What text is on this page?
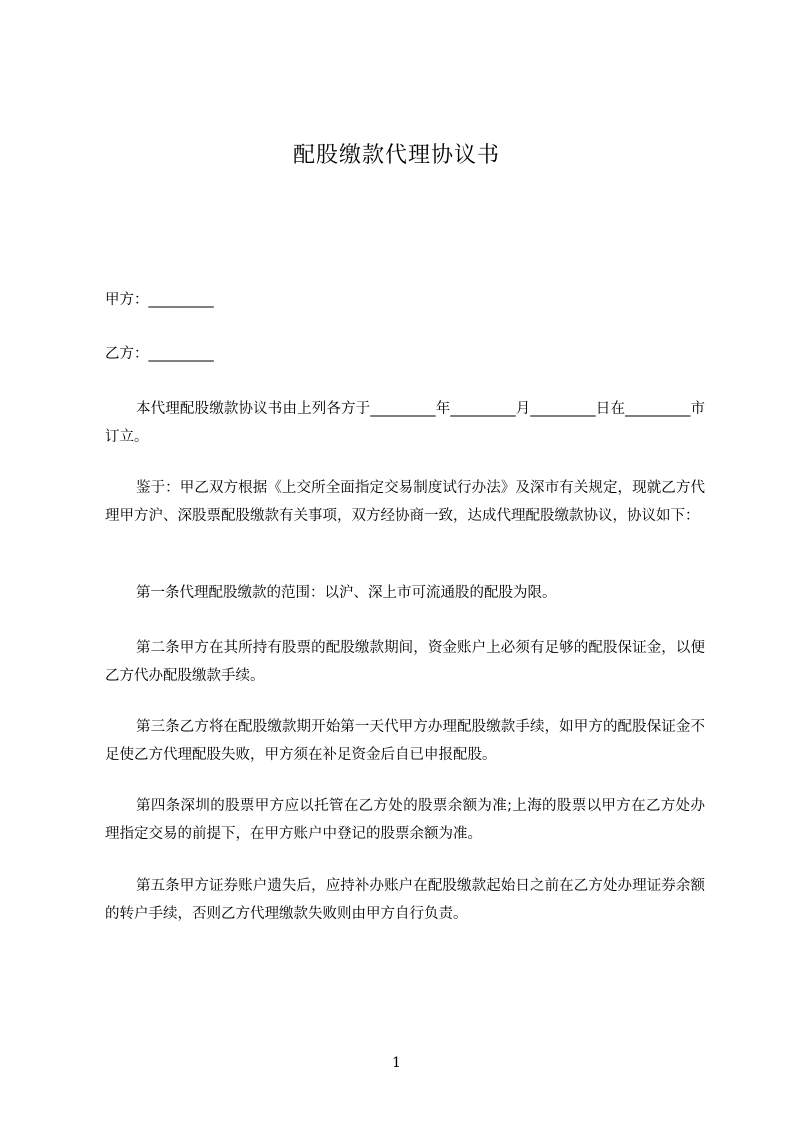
配股缴款代理协议书
甲方：_________
乙方：_________
本代理配股缴款协议书由上列各方于_________年_________月_________日在_________市订立。
鉴于：甲乙双方根据《上交所全面指定交易制度试行办法》及深市有关规定，现就乙方代理甲方沪、深股票配股缴款有关事项，双方经协商一致，达成代理配股缴款协议，协议如下：
第一条代理配股缴款的范围：以沪、深上市可流通股的配股为限。
第二条甲方在其所持有股票的配股缴款期间，资金账户上必须有足够的配股保证金，以便乙方代办配股缴款手续。
第三条乙方将在配股缴款期开始第一天代甲方办理配股缴款手续，如甲方的配股保证金不足使乙方代理配股失败，甲方须在补足资金后自已申报配股。
第四条深圳的股票甲方应以托管在乙方处的股票余额为准;上海的股票以甲方在乙方处办理指定交易的前提下，在甲方账户中登记的股票余额为准。
第五条甲方证券账户遗失后，应持补办账户在配股缴款起始日之前在乙方处办理证券余额的转户手续，否则乙方代理缴款失败则由甲方自行负责。
1
